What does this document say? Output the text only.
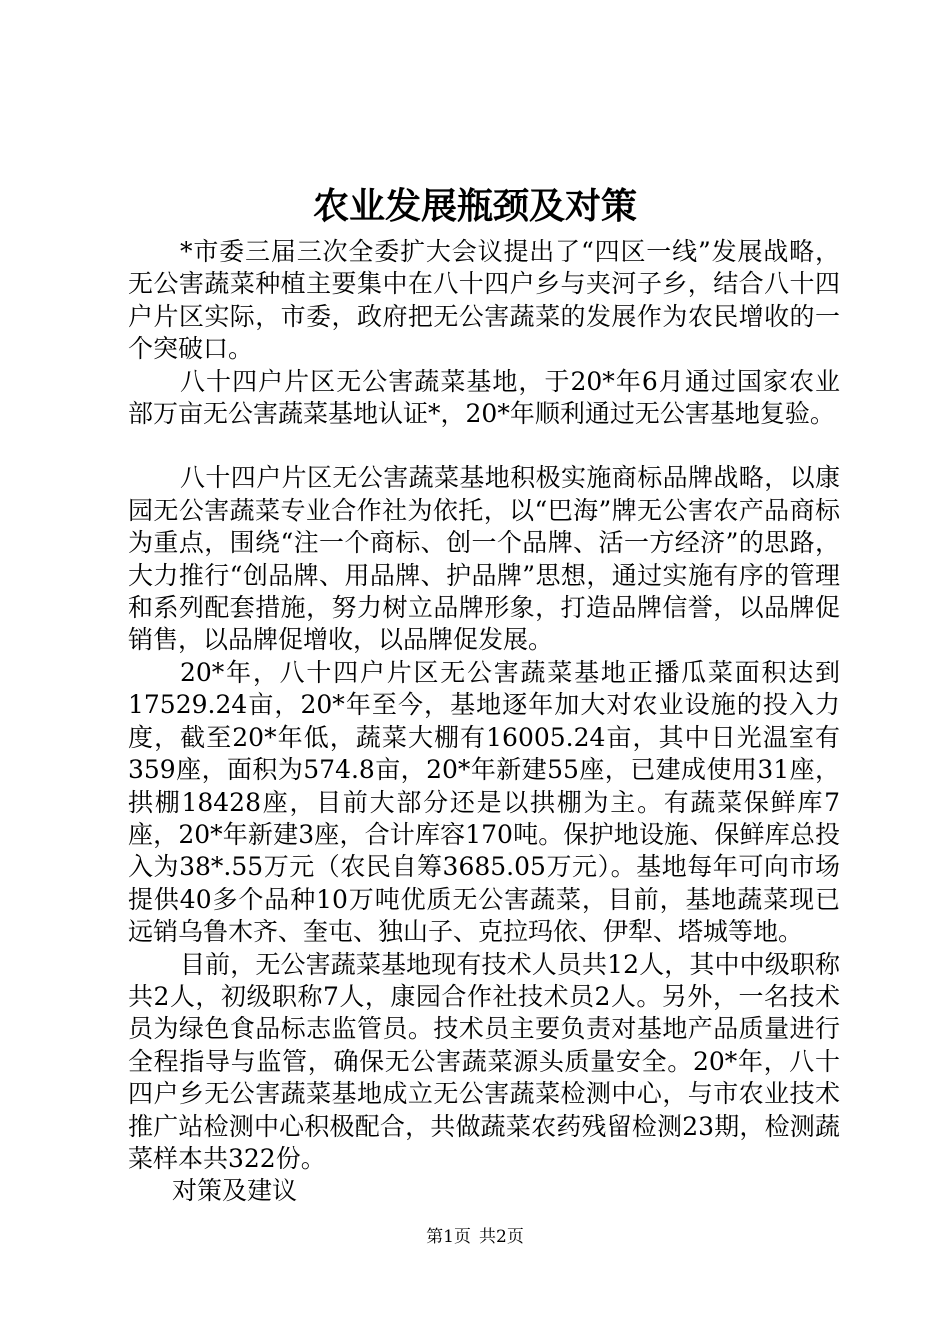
农业发展瓶颈及对策

*市委三届三次全委扩大会议提出了“四区一线”发展战略，无公害蔬菜种植主要集中在八十四户乡与夹河子乡，结合八十四户片区实际，市委，政府把无公害蔬菜的发展作为农民增收的一个突破口。

八十四户片区无公害蔬菜基地，于20*年6月通过国家农业部万亩无公害蔬菜基地认证*，20*年顺利通过无公害基地复验。

八十四户片区无公害蔬菜基地积极实施商标品牌战略，以康园无公害蔬菜专业合作社为依托，以“巴海”牌无公害农产品商标为重点，围绕“注一个商标、创一个品牌、活一方经济”的思路，大力推行“创品牌、用品牌、护品牌”思想，通过实施有序的管理和系列配套措施，努力树立品牌形象，打造品牌信誉，以品牌促销售，以品牌促增收，以品牌促发展。

20*年，八十四户片区无公害蔬菜基地正播瓜菜面积达到17529.24亩，20*年至今，基地逐年加大对农业设施的投入力度，截至20*年低，蔬菜大棚有16005.24亩，其中日光温室有359座，面积为574.8亩，20*年新建55座，已建成使用31座，拱棚18428座，目前大部分还是以拱棚为主。有蔬菜保鲜库7座，20*年新建3座，合计库容170吨。保护地设施、保鲜库总投入为38*.55万元（农民自筹3685.05万元）。基地每年可向市场提供40多个品种10万吨优质无公害蔬菜，目前，基地蔬菜现已远销乌鲁木齐、奎屯、独山子、克拉玛依、伊犁、塔城等地。

目前，无公害蔬菜基地现有技术人员共12人，其中中级职称共2人，初级职称7人，康园合作社技术员2人。另外，一名技术员为绿色食品标志监管员。技术员主要负责对基地产品质量进行全程指导与监管，确保无公害蔬菜源头质量安全。20*年，八十四户乡无公害蔬菜基地成立无公害蔬菜检测中心，与市农业技术推广站检测中心积极配合，共做蔬菜农药残留检测23期，检测蔬菜样本共322份。

对策及建议

第1页 共2页
